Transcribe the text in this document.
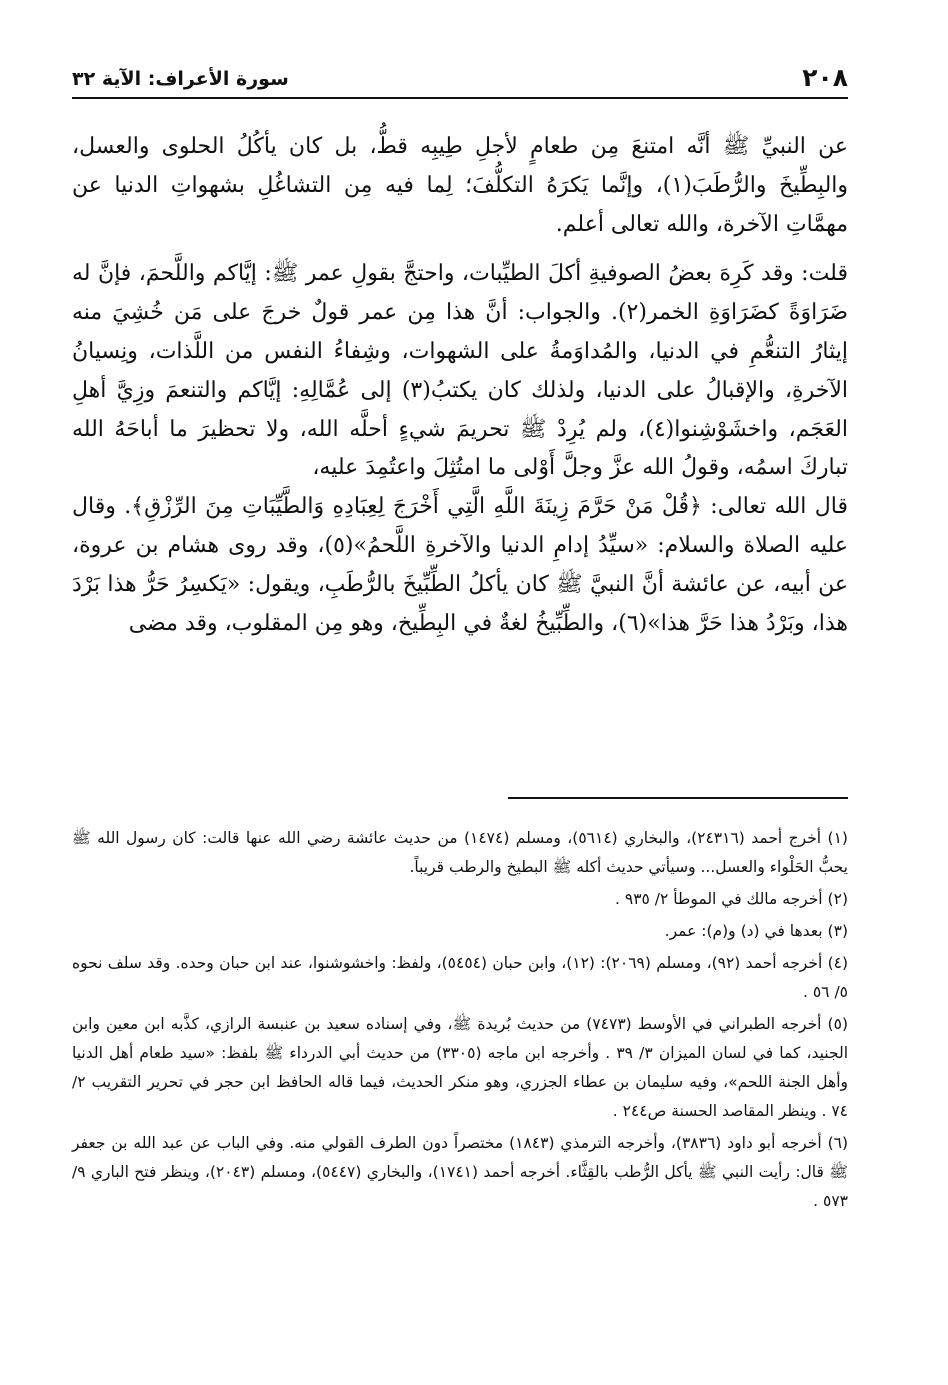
٢٠٨
سورة الأعراف: الآية ٣٢

عن النبيِّ ﷺ أنَّه امتنعَ مِن طعامٍ لأجلِ طِيبِه قطُّ، بل كان يأكُلُ الحلوى والعسل، والبِطِّيخَ والرُّطَبَ(١)، وإنَّما يَكرَهُ التكلُّفَ؛ لِما فيه مِن التشاغُلِ بشهواتِ الدنيا عن مهمَّاتِ الآخرة، والله تعالى أعلم.

قلت: وقد كَرِهَ بعضُ الصوفيةِ أكلَ الطيِّبات، واحتجَّ بقولِ عمر ﷺ: إيَّاكم واللَّحمَ، فإنَّ له ضَرَاوَةً كضَرَاوَةِ الخمر(٢). والجواب: أنَّ هذا مِن عمر قولٌ خرجَ على مَن خُشِيَ منه إيثارُ التنعُّمِ في الدنيا، والمُداوَمةُ على الشهوات، وشِفاءُ النفس من اللَّذات، ونِسيانُ الآخرةِ، والإقبالُ على الدنيا، ولذلك كان يكتبُ(٣) إلى عُمَّالِهِ: إيَّاكم والتنعمَ وزِيَّ أهلِ العَجَم، واخشَوْشِنوا(٤)، ولم يُرِدْ ﷺ تحريمَ شيءٍ أحلَّه الله، ولا تحظيرَ ما أباحَهُ الله تباركَ اسمُه، وقولُ الله عزَّ وجلَّ أَوْلى ما امتُثِلَ واعتُمِدَ عليه،

قال الله تعالى: ﴿قُلْ مَنْ حَرَّمَ زِينَةَ اللَّهِ الَّتِي أَخْرَجَ لِعِبَادِهِ وَالطَّيِّبَاتِ مِنَ الرِّزْقِ﴾. وقال عليه الصلاة والسلام: «سيِّدُ إدامِ الدنيا والآخرةِ اللَّحمُ»(٥)، وقد روى هشام بن عروة، عن أبيه، عن عائشة أنَّ النبيَّ ﷺ كان يأكلُ الطِّبِّيخَ بالرُّطَبِ، ويقول: «يَكسِرُ حَرُّ هذا بَرْدَ هذا، وبَرْدُ هذا حَرَّ هذا»(٦)، والطِّبِّيخُ لغةٌ في البِطِّيخ، وهو مِن المقلوب، وقد مضى

(١) أخرج أحمد (٢٤٣١٦)، والبخاري (٥٦١٤)، ومسلم (١٤٧٤) من حديث عائشة رضي الله عنها قالت: كان رسول الله ﷺ يحبُّ الحَلْواء والعسل... وسيأتي حديث أكله ﷺ البطيخ والرطب قريباً.

(٢) أخرجه مالك في الموطأ ٢/ ٩٣٥ .

(٣) بعدها في (د) و(م): عمر.

(٤) أخرجه أحمد (٩٢)، ومسلم (٢٠٦٩): (١٢)، وابن حبان (٥٤٥٤)، ولفظ: واخشوشنوا، عند ابن حبان وحده. وقد سلف نحوه ٥/ ٥٦ .

(٥) أخرجه الطبراني في الأوسط (٧٤٧٣) من حديث بُريدة ﷺ، وفي إسناده سعيد بن عنبسة الرازي، كذَّبه ابن معين وابن الجنيد، كما في لسان الميزان ٣/ ٣٩ . وأخرجه ابن ماجه (٣٣٠٥) من حديث أبي الدرداء ﷺ بلفظ: «سيد طعام أهل الدنيا وأهل الجنة اللحم»، وفيه سليمان بن عطاء الجزري، وهو منكر الحديث، فيما قاله الحافظ ابن حجر في تحرير التقريب ٢/ ٧٤ . وينظر المقاصد الحسنة ص٢٤٤ .

(٦) أخرجه أبو داود (٣٨٣٦)، وأخرجه الترمذي (١٨٤٣) مختصراً دون الطرف القولي منه. وفي الباب عن عبد الله بن جعفر ﷺ قال: رأيت النبي ﷺ يأكل الرُّطب بالقِثَّاء. أخرجه أحمد (١٧٤١)، والبخاري (٥٤٤٧)، ومسلم (٢٠٤٣)، وينظر فتح الباري ٩/ ٥٧٣ .
